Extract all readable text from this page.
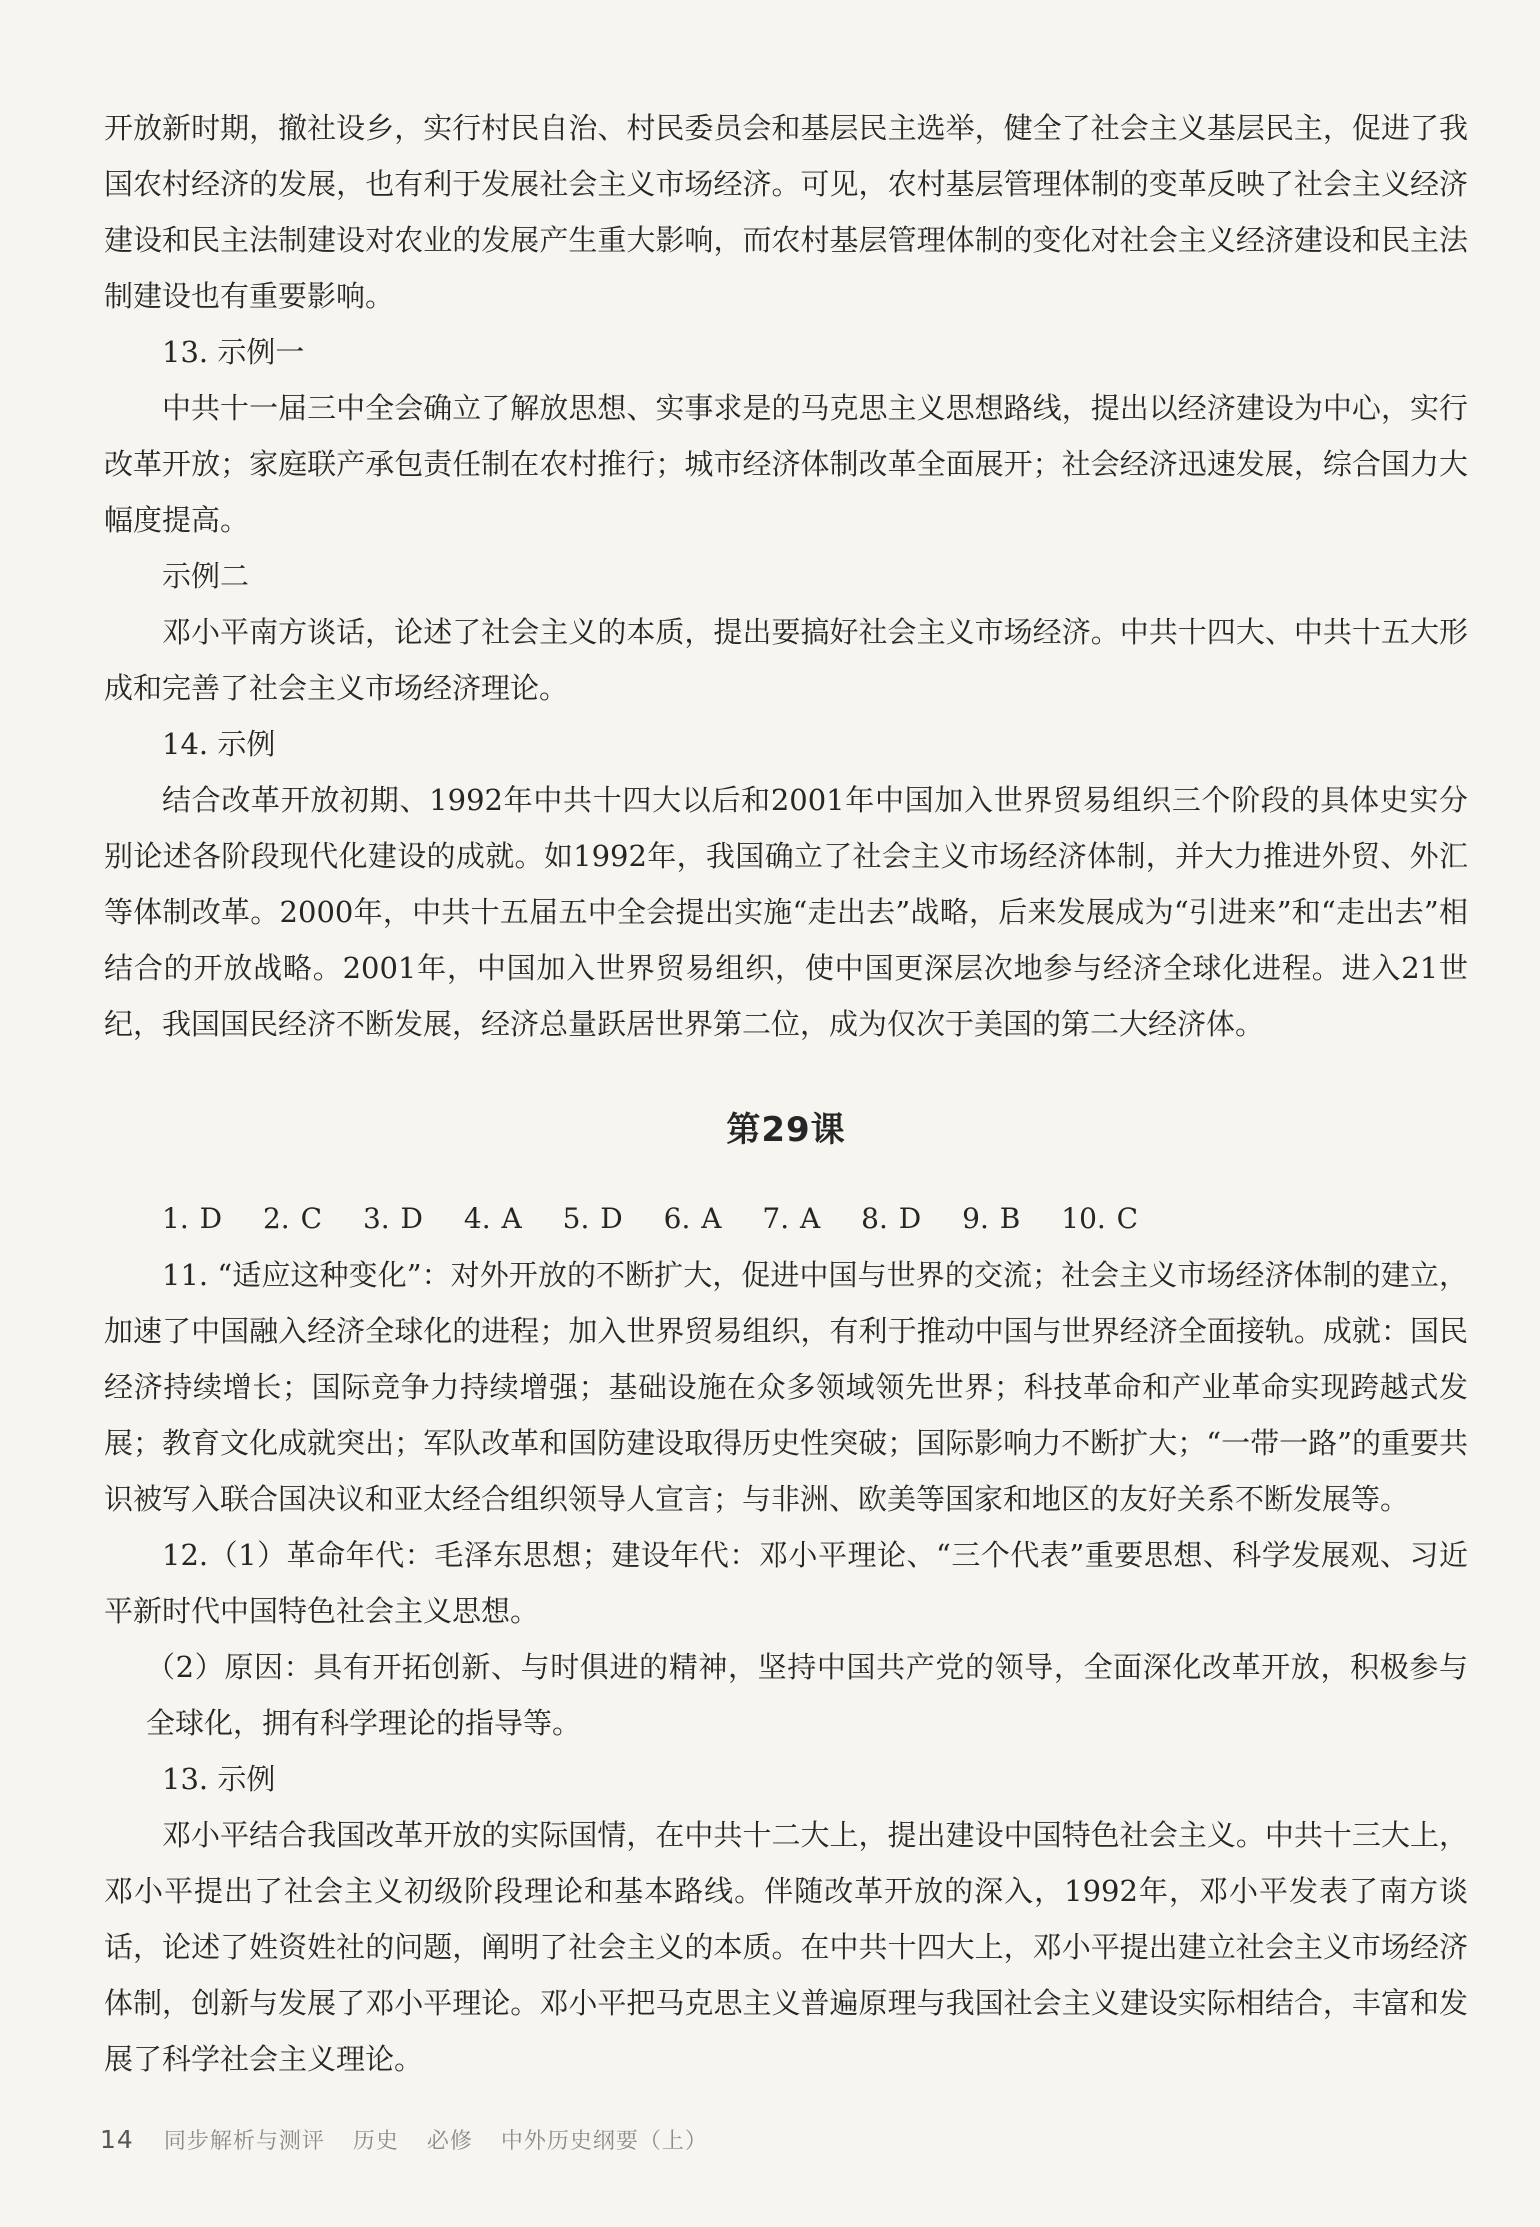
开放新时期，撤社设乡，实行村民自治、村民委员会和基层民主选举，健全了社会主义基层民主，促进了我国农村经济的发展，也有利于发展社会主义市场经济。可见，农村基层管理体制的变革反映了社会主义经济建设和民主法制建设对农业的发展产生重大影响，而农村基层管理体制的变化对社会主义经济建设和民主法制建设也有重要影响。

13. 示例一

中共十一届三中全会确立了解放思想、实事求是的马克思主义思想路线，提出以经济建设为中心，实行改革开放；家庭联产承包责任制在农村推行；城市经济体制改革全面展开；社会经济迅速发展，综合国力大幅度提高。

示例二

邓小平南方谈话，论述了社会主义的本质，提出要搞好社会主义市场经济。中共十四大、中共十五大形成和完善了社会主义市场经济理论。

14. 示例

结合改革开放初期、1992年中共十四大以后和2001年中国加入世界贸易组织三个阶段的具体史实分别论述各阶段现代化建设的成就。如1992年，我国确立了社会主义市场经济体制，并大力推进外贸、外汇等体制改革。2000年，中共十五届五中全会提出实施“走出去”战略，后来发展成为“引进来”和“走出去”相结合的开放战略。2001年，中国加入世界贸易组织，使中国更深层次地参与经济全球化进程。进入21世纪，我国国民经济不断发展，经济总量跃居世界第二位，成为仅次于美国的第二大经济体。

第29课

1. D 2. C 3. D 4. A 5. D 6. A 7. A 8. D 9. B 10. C

11. “适应这种变化”：对外开放的不断扩大，促进中国与世界的交流；社会主义市场经济体制的建立，加速了中国融入经济全球化的进程；加入世界贸易组织，有利于推动中国与世界经济全面接轨。成就：国民经济持续增长；国际竞争力持续增强；基础设施在众多领域领先世界；科技革命和产业革命实现跨越式发展；教育文化成就突出；军队改革和国防建设取得历史性突破；国际影响力不断扩大；“一带一路”的重要共识被写入联合国决议和亚太经合组织领导人宣言；与非洲、欧美等国家和地区的友好关系不断发展等。

12.（1）革命年代：毛泽东思想；建设年代：邓小平理论、“三个代表”重要思想、科学发展观、习近平新时代中国特色社会主义思想。

（2）原因：具有开拓创新、与时俱进的精神，坚持中国共产党的领导，全面深化改革开放，积极参与全球化，拥有科学理论的指导等。

13. 示例

邓小平结合我国改革开放的实际国情，在中共十二大上，提出建设中国特色社会主义。中共十三大上，邓小平提出了社会主义初级阶段理论和基本路线。伴随改革开放的深入，1992年，邓小平发表了南方谈话，论述了姓资姓社的问题，阐明了社会主义的本质。在中共十四大上，邓小平提出建立社会主义市场经济体制，创新与发展了邓小平理论。邓小平把马克思主义普遍原理与我国社会主义建设实际相结合，丰富和发展了科学社会主义理论。

14 同步解析与测评 历史 必修 中外历史纲要（上）
